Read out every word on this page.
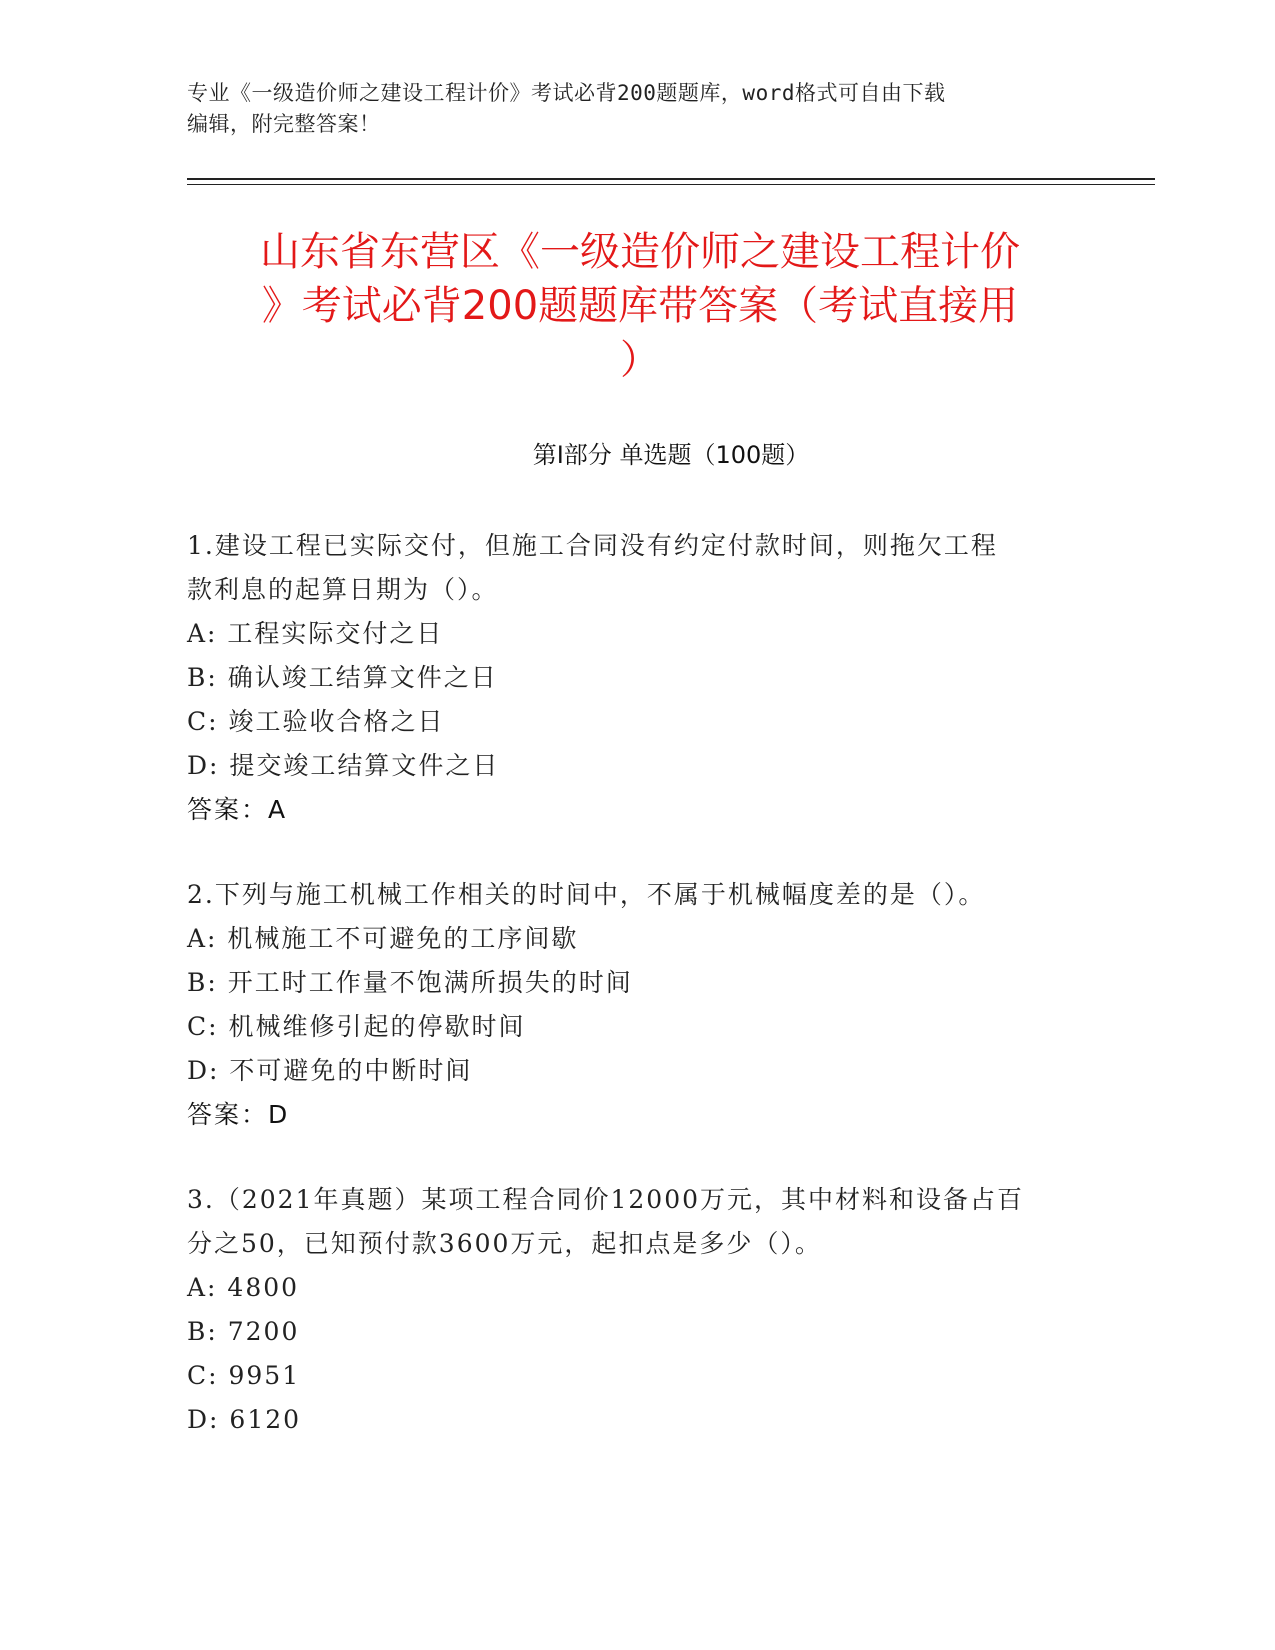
专业《一级造价师之建设工程计价》考试必背200题题库，word格式可自由下载
编辑，附完整答案！
山东省东营区《一级造价师之建设工程计价
》考试必背200题题库带答案（考试直接用
）
第Ⅰ部分 单选题（100题）
1.建设工程已实际交付，但施工合同没有约定付款时间，则拖欠工程
款利息的起算日期为（）。
A: 工程实际交付之日
B: 确认竣工结算文件之日
C: 竣工验收合格之日
D: 提交竣工结算文件之日
答案：A
2.下列与施工机械工作相关的时间中，不属于机械幅度差的是（）。
A: 机械施工不可避免的工序间歇
B: 开工时工作量不饱满所损失的时间
C: 机械维修引起的停歇时间
D: 不可避免的中断时间
答案：D
3.（2021年真题）某项工程合同价12000万元，其中材料和设备占百
分之50，已知预付款3600万元，起扣点是多少（）。
A: 4800
B: 7200
C: 9951
D: 6120
